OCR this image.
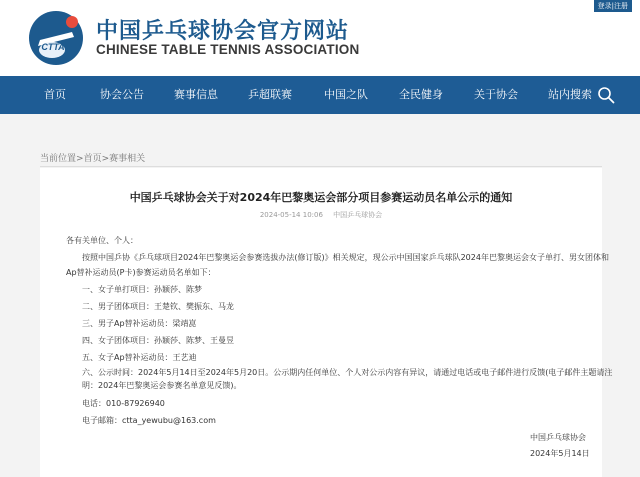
登录|注册
CTTA
中国乒乓球协会官方网站
CHINESE TABLE TENNIS ASSOCIATION
首页	协会公告	赛事信息	乒超联赛	中国之队	全民健身	关于协会	站内搜索
当前位置>首页>赛事相关
中国乒乓球协会关于对2024年巴黎奥运会部分项目参赛运动员名单公示的通知
2024-05-14 10:06 中国乒乓球协会
各有关单位、个人：
按照中国乒协《乒乓球项目2024年巴黎奥运会参赛选拔办法(修订版)》相关规定，现公示中国国家乒乓球队2024年巴黎奥运会女子单打、男女团体和
Ap替补运动员(P卡)参赛运动员名单如下：
一、女子单打项目：孙颖莎、陈梦
二、男子团体项目：王楚钦、樊振东、马龙
三、男子Ap替补运动员：梁靖崑
四、女子团体项目：孙颖莎、陈梦、王曼昱
五、女子Ap替补运动员：王艺迪
六、公示时间：2024年5月14日至2024年5月20日。公示期内任何单位、个人对公示内容有异议，请通过电话或电子邮件进行反馈(电子邮件主题请注
明：2024年巴黎奥运会参赛名单意见反馈)。
电话：010-87926940
电子邮箱：ctta_yewubu@163.com
中国乒乓球协会
2024年5月14日
